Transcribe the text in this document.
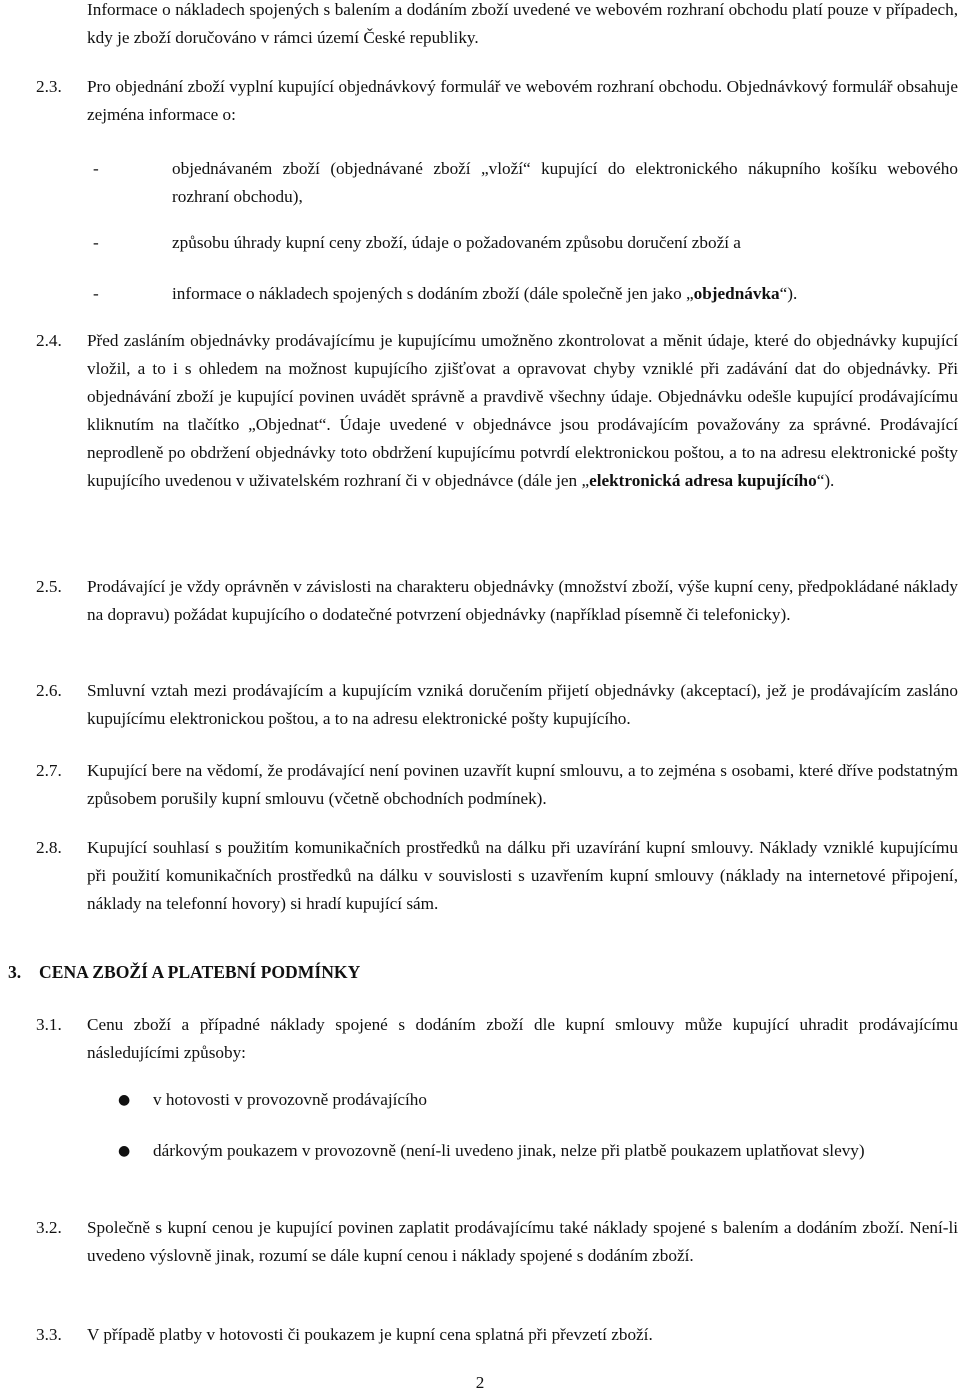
Informace o nákladech spojených s balením a dodáním zboží uvedené ve webovém rozhraní obchodu platí pouze v případech, kdy je zboží doručováno v rámci území České republiky.

2.3. Pro objednání zboží vyplní kupující objednávkový formulář ve webovém rozhraní obchodu. Objednávkový formulář obsahuje zejména informace o:

-	objednávaném zboží (objednávané zboží „vloží“ kupující do elektronického nákupního košíku webového rozhraní obchodu),

-	způsobu úhrady kupní ceny zboží, údaje o požadovaném způsobu doručení zboží a

-	informace o nákladech spojených s dodáním zboží (dále společně jen jako „objednávka“).

2.4. Před zasláním objednávky prodávajícímu je kupujícímu umožněno zkontrolovat a měnit údaje, které do objednávky kupující vložil, a to i s ohledem na možnost kupujícího zjišťovat a opravovat chyby vzniklé při zadávání dat do objednávky. Při objednávání zboží je kupující povinen uvádět správně a pravdivě všechny údaje. Objednávku odešle kupující prodávajícímu kliknutím na tlačítko „Objednat“. Údaje uvedené v objednávce jsou prodávajícím považovány za správné. Prodávající neprodleně po obdržení objednávky toto obdržení kupujícímu potvrdí elektronickou poštou, a to na adresu elektronické pošty kupujícího uvedenou v uživatelském rozhraní či v objednávce (dále jen „elektronická adresa kupujícího“).

2.5. Prodávající je vždy oprávněn v závislosti na charakteru objednávky (množství zboží, výše kupní ceny, předpokládané náklady na dopravu) požádat kupujícího o dodatečné potvrzení objednávky (například písemně či telefonicky).

2.6. Smluvní vztah mezi prodávajícím a kupujícím vzniká doručením přijetí objednávky (akceptací), jež je prodávajícím zasláno kupujícímu elektronickou poštou, a to na adresu elektronické pošty kupujícího.

2.7. Kupující bere na vědomí, že prodávající není povinen uzavřít kupní smlouvu, a to zejména s osobami, které dříve podstatným způsobem porušily kupní smlouvu (včetně obchodních podmínek).

2.8. Kupující souhlasí s použitím komunikačních prostředků na dálku při uzavírání kupní smlouvy. Náklady vzniklé kupujícímu při použití komunikačních prostředků na dálku v souvislosti s uzavřením kupní smlouvy (náklady na internetové připojení, náklady na telefonní hovory) si hradí kupující sám.

3. CENA ZBOŽÍ A PLATEBNÍ PODMÍNKY

3.1. Cenu zboží a případné náklady spojené s dodáním zboží dle kupní smlouvy může kupující uhradit prodávajícímu následujícími způsoby:

● v hotovosti v provozovně prodávajícího

● dárkovým poukazem v provozovně (není-li uvedeno jinak, nelze při platbě poukazem uplatňovat slevy)

3.2. Společně s kupní cenou je kupující povinen zaplatit prodávajícímu také náklady spojené s balením a dodáním zboží. Není-li uvedeno výslovně jinak, rozumí se dále kupní cenou i náklady spojené s dodáním zboží.

3.3. V případě platby v hotovosti či poukazem je kupní cena splatná při převzetí zboží.

2
